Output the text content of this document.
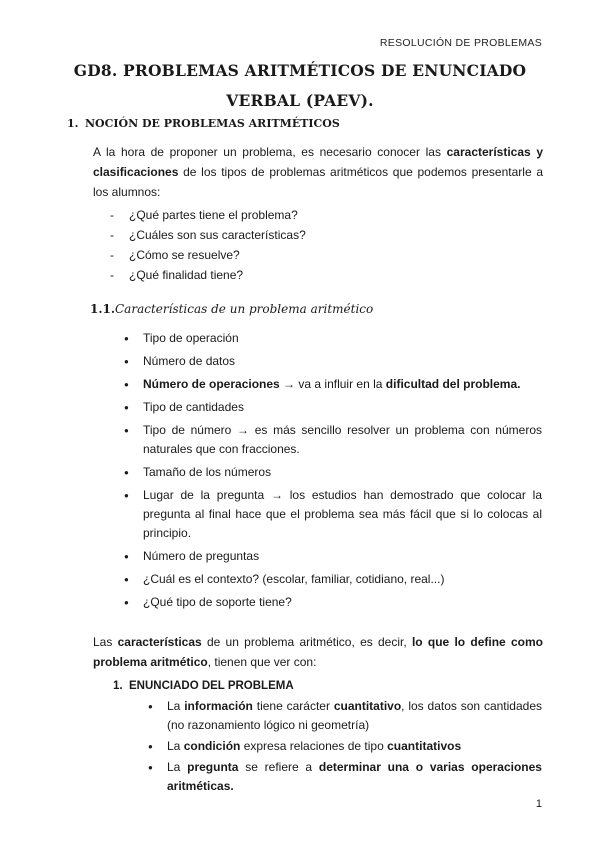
RESOLUCIÓN DE PROBLEMAS
GD8. PROBLEMAS ARITMÉTICOS DE ENUNCIADO
VERBAL (PAEV).
1. NOCIÓN DE PROBLEMAS ARITMÉTICOS
A la hora de proponer un problema, es necesario conocer las características y clasificaciones de los tipos de problemas aritméticos que podemos presentarle a los alumnos:
- ¿Qué partes tiene el problema?
- ¿Cuáles son sus características?
- ¿Cómo se resuelve?
- ¿Qué finalidad tiene?
1.1.Características de un problema aritmético
● Tipo de operación
● Número de datos
● Número de operaciones → va a influir en la dificultad del problema.
● Tipo de cantidades
● Tipo de número → es más sencillo resolver un problema con números naturales que con fracciones.
● Tamaño de los números
● Lugar de la pregunta → los estudios han demostrado que colocar la pregunta al final hace que el problema sea más fácil que si lo colocas al principio.
● Número de preguntas
● ¿Cuál es el contexto? (escolar, familiar, cotidiano, real...)
● ¿Qué tipo de soporte tiene?
Las características de un problema aritmético, es decir, lo que lo define como problema aritmético, tienen que ver con:
1. ENUNCIADO DEL PROBLEMA
● La información tiene carácter cuantitativo, los datos son cantidades (no razonamiento lógico ni geometría)
● La condición expresa relaciones de tipo cuantitativos
● La pregunta se refiere a determinar una o varias operaciones aritméticas.
1
